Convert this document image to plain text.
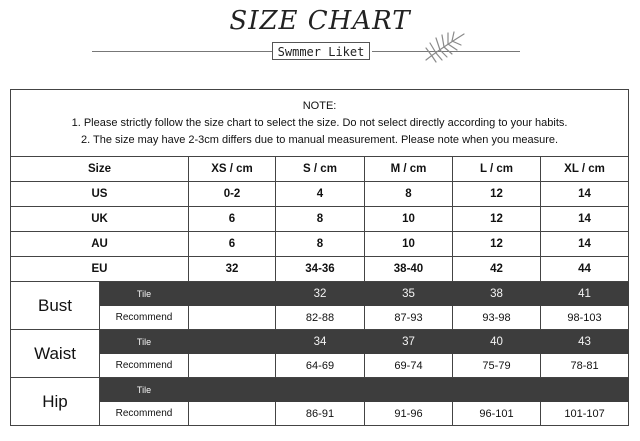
SIZE CHART
Swmmer Liket
NOTE:
1. Please strictly follow the size chart to select the size. Do not select directly according to your habits.
2. The size may have 2-3cm differs due to manual measurement. Please note when you measure.						

Size		XS / cm	S / cm	M / cm	L / cm	XL / cm
US		0-2	4	8	12	14
UK		6	8	10	12	14
AU		6	8	10	12	14
EU		32	34-36	38-40	42	44
Bust	Tile		32	35	38	41
	Recommend		82-88	87-93	93-98	98-103
Waist	Tile		34	37	40	43
	Recommend		64-69	69-74	75-79	78-81
Hip	Tile					
	Recommend		86-91	91-96	96-101	101-107
